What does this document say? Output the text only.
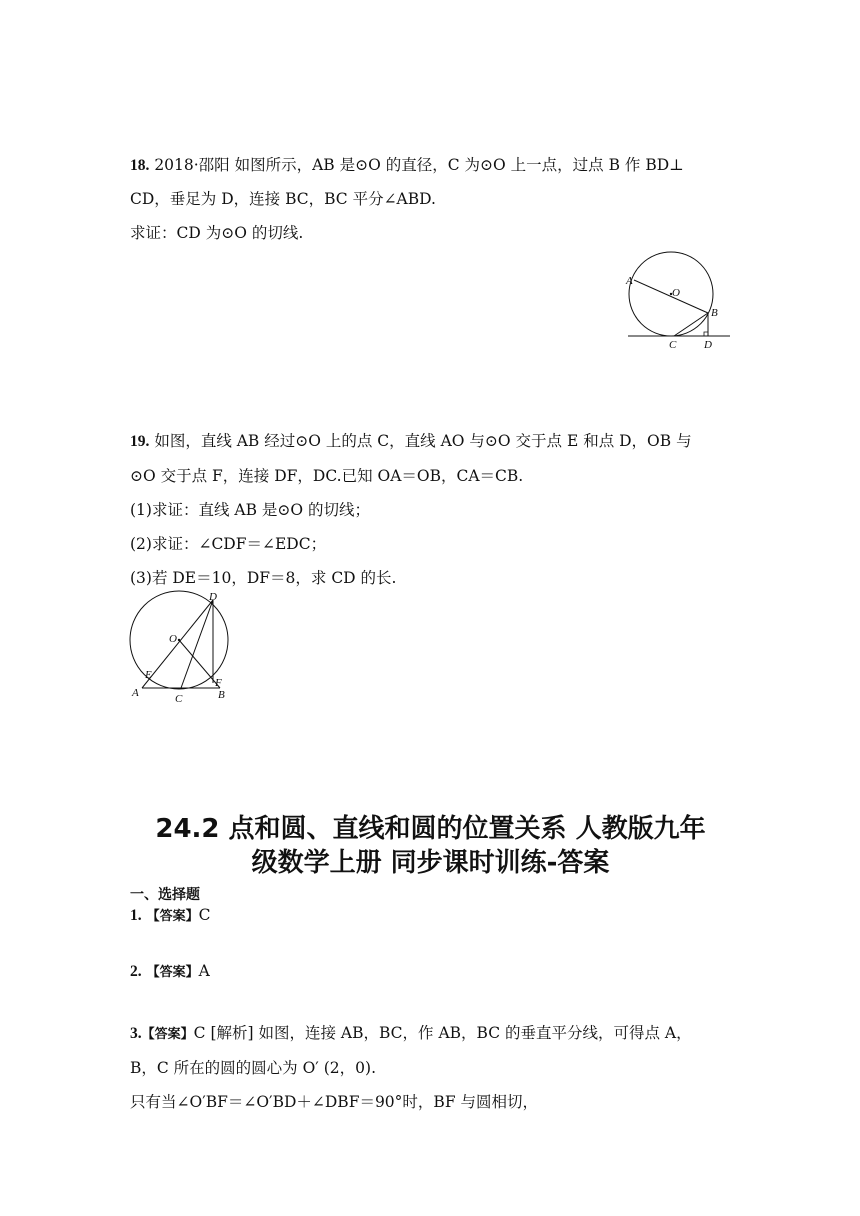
18. 2018·邵阳 如图所示，AB 是⊙O 的直径，C 为⊙O 上一点，过点 B 作 BD⊥
CD，垂足为 D，连接 BC，BC 平分∠ABD.
求证：CD 为⊙O 的切线.
A
O
B
C	D
19. 如图，直线 AB 经过⊙O 上的点 C，直线 AO 与⊙O 交于点 E 和点 D，OB 与
⊙O 交于点 F，连接 DF，DC.已知 OA＝OB，CA＝CB.
(1)求证：直线 AB 是⊙O 的切线；
(2)求证：∠CDF＝∠EDC；
(3)若 DE＝10，DF＝8，求 CD 的长.
D
O
E
F
A	C	B
24.2 点和圆、直线和圆的位置关系 人教版九年
级数学上册 同步课时训练-答案
一、选择题
1. 【答案】C
2. 【答案】A
3.【答案】C [解析] 如图，连接 AB，BC，作 AB，BC 的垂直平分线，可得点 A，
B，C 所在的圆的圆心为 O′ (2，0).
只有当∠O′BF＝∠O′BD＋∠DBF＝90°时，BF 与圆相切，
